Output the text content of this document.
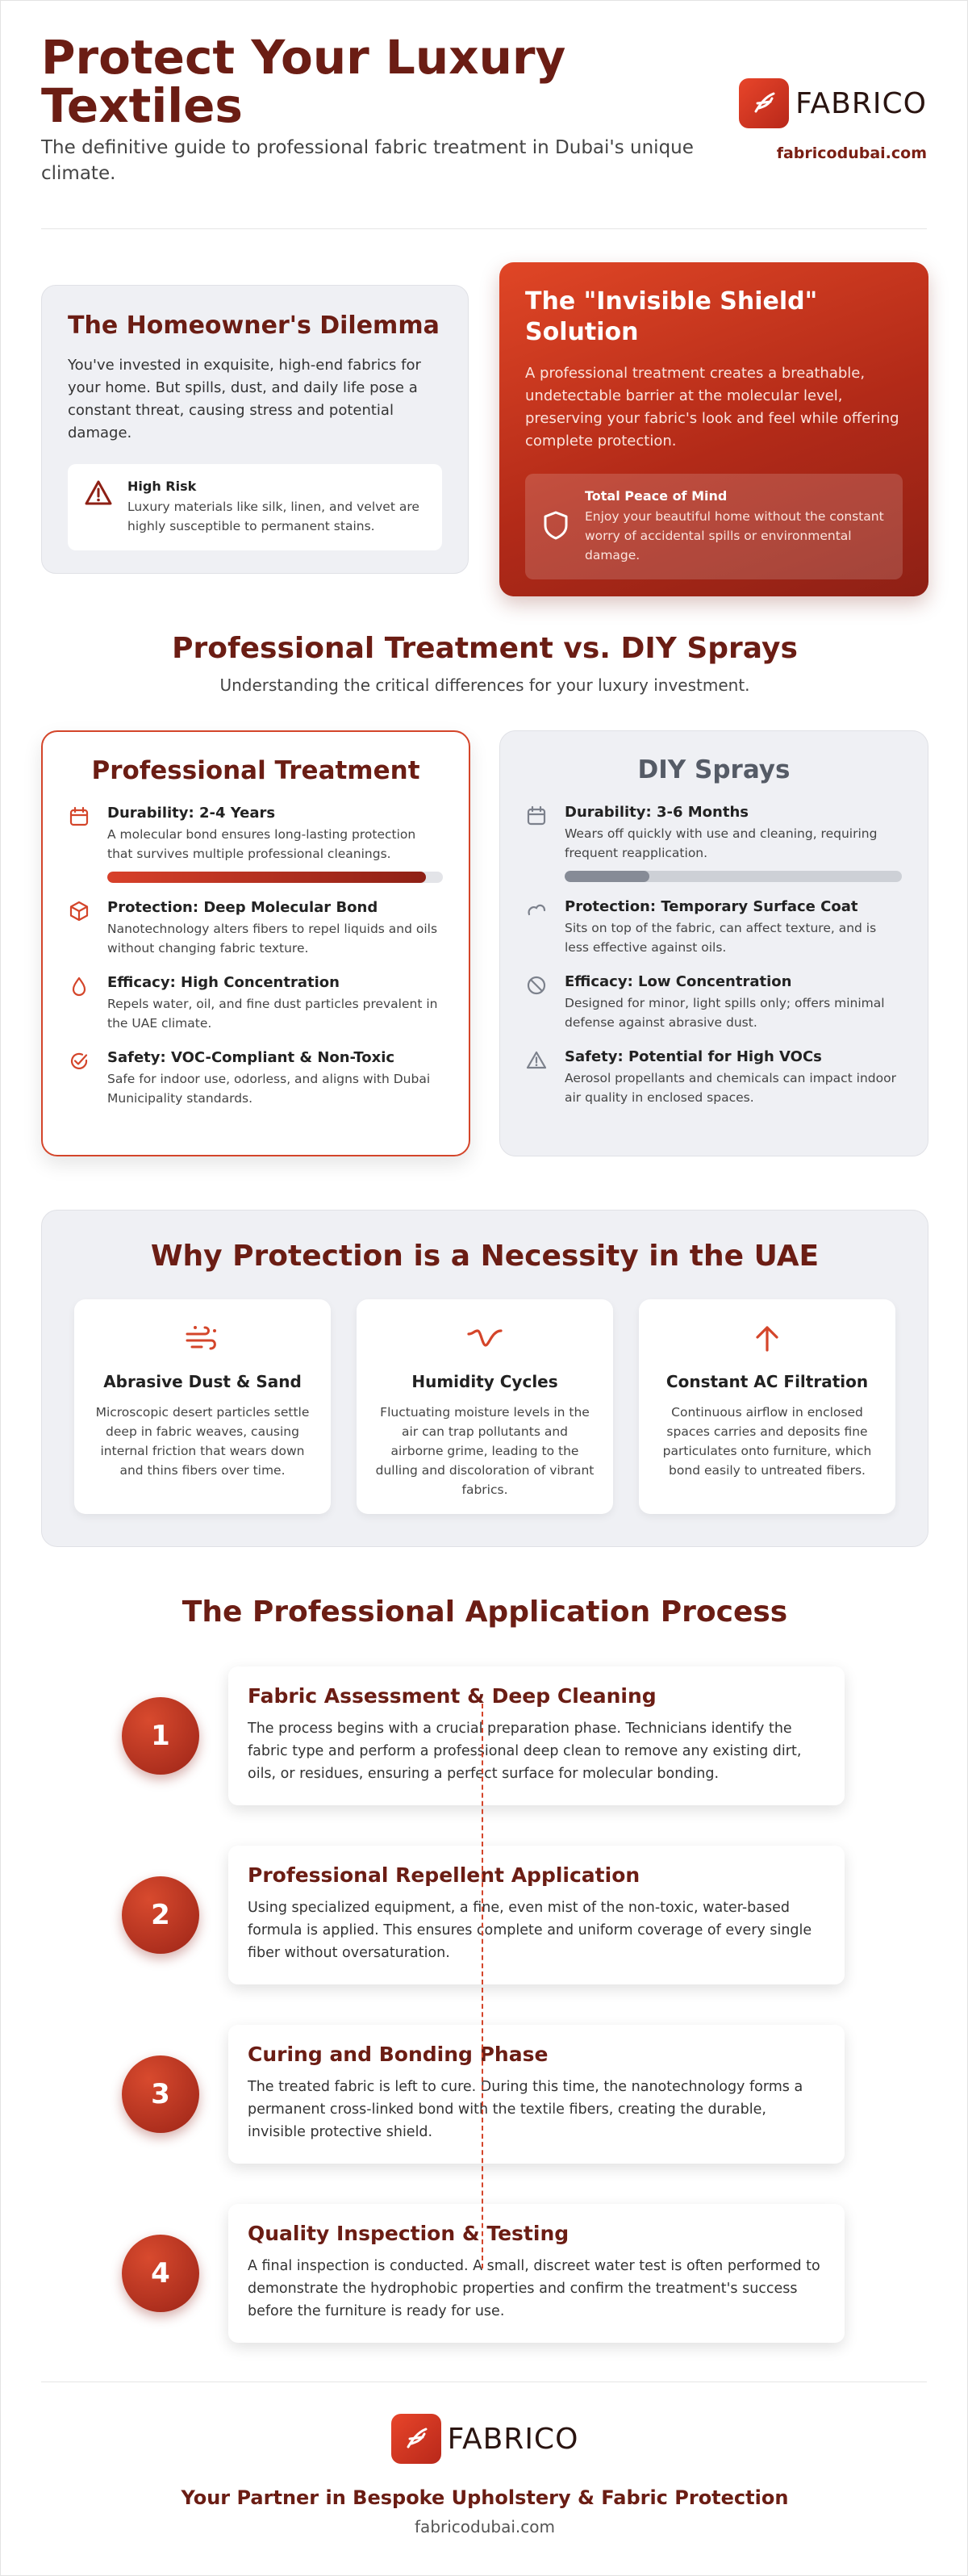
Protect Your Luxury Textiles

The definitive guide to professional fabric treatment in Dubai's unique climate.

FABRICO
fabricodubai.com
The Homeowner's Dilemma

You've invested in exquisite, high-end fabrics for your home. But spills, dust, and daily life pose a constant threat, causing stress and potential damage.

High Risk
Luxury materials like silk, linen, and velvet are highly susceptible to permanent stains.
The "Invisible Shield" Solution

A professional treatment creates a breathable, undetectable barrier at the molecular level, preserving your fabric's look and feel while offering complete protection.

Total Peace of Mind
Enjoy your beautiful home without the constant worry of accidental spills or environmental damage.
Professional Treatment vs. DIY Sprays

Understanding the critical differences for your luxury investment.

Professional Treatment
Durability: 2-4 Years
A molecular bond ensures long-lasting protection that survives multiple professional cleanings.
Protection: Deep Molecular Bond
Nanotechnology alters fibers to repel liquids and oils without changing fabric texture.
Efficacy: High Concentration
Repels water, oil, and fine dust particles prevalent in the UAE climate.
Safety: VOC-Compliant & Non-Toxic
Safe for indoor use, odorless, and aligns with Dubai Municipality standards.
DIY Sprays
Durability: 3-6 Months
Wears off quickly with use and cleaning, requiring frequent reapplication.
Protection: Temporary Surface Coat
Sits on top of the fabric, can affect texture, and is less effective against oils.
Efficacy: Low Concentration
Designed for minor, light spills only; offers minimal defense against abrasive dust.
Safety: Potential for High VOCs
Aerosol propellants and chemicals can impact indoor air quality in enclosed spaces.
Why Protection is a Necessity in the UAE
Abrasive Dust & Sand
Microscopic desert particles settle deep in fabric weaves, causing internal friction that wears down and thins fibers over time.
Humidity Cycles
Fluctuating moisture levels in the air can trap pollutants and airborne grime, leading to the dulling and discoloration of vibrant fabrics.
Constant AC Filtration
Continuous airflow in enclosed spaces carries and deposits fine particulates onto furniture, which bond easily to untreated fibers.
The Professional Application Process
Fabric Assessment & Deep Cleaning
The process begins with a crucial preparation phase. Technicians identify the fabric type and perform a professional deep clean to remove any existing dirt, oils, or residues, ensuring a perfect surface for molecular bonding.
Professional Repellent Application
Using specialized equipment, a fine, even mist of the non-toxic, water-based formula is applied. This ensures complete and uniform coverage of every single fiber without oversaturation.
Curing and Bonding Phase
The treated fabric is left to cure. During this time, the nanotechnology forms a permanent cross-linked bond with the textile fibers, creating the durable, invisible protective shield.
Quality Inspection & Testing
A final inspection is conducted. A small, discreet water test is often performed to demonstrate the hydrophobic properties and confirm the treatment's success before the furniture is ready for use.
1
2
3
4
FABRICO
Your Partner in Bespoke Upholstery & Fabric Protection
fabricodubai.com
